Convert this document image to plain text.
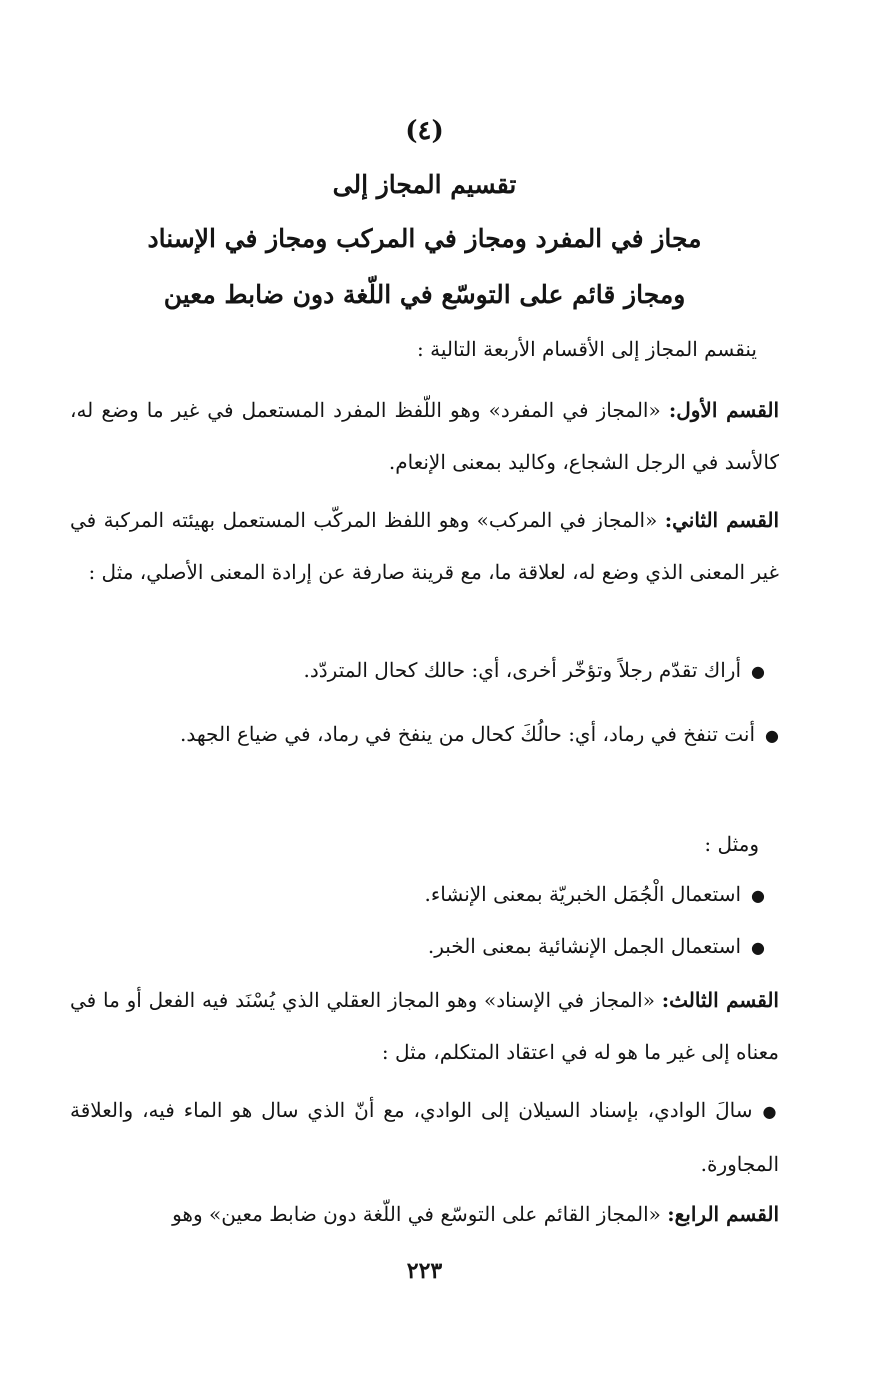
(٤)
تقسيم المجاز إلى
مجاز في المفرد ومجاز في المركب ومجاز في الإسناد
ومجاز قائم على التوسّع في اللّغة دون ضابط معين
ينقسم المجاز إلى الأقسام الأربعة التالية :
القسم الأول: «المجاز في المفرد» وهو اللّفظ المفرد المستعمل في غير ما وضع له، كالأسد في الرجل الشجاع، وكاليد بمعنى الإنعام.
القسم الثاني: «المجاز في المركب» وهو اللفظ المركّب المستعمل بهيئته المركبة في غير المعنى الذي وضع له، لعلاقة ما، مع قرينة صارفة عن إرادة المعنى الأصلي، مثل :
●أراك تقدّم رجلاً وتؤخّر أخرى، أي: حالك كحال المتردّد.
●أنت تنفخ في رماد، أي: حالُكَ كحال من ينفخ في رماد، في ضياع الجهد.
ومثل :
●استعمال الْجُمَل الخبريّة بمعنى الإنشاء.
●استعمال الجمل الإنشائية بمعنى الخبر.
القسم الثالث: «المجاز في الإسناد» وهو المجاز العقلي الذي يُسْنَد فيه الفعل أو ما في معناه إلى غير ما هو له في اعتقاد المتكلم، مثل :
●سالَ الوادي، بإسناد السيلان إلى الوادي، مع أنّ الذي سال هو الماء فيه، والعلاقة المجاورة.
القسم الرابع: «المجاز القائم على التوسّع في اللّغة دون ضابط معين» وهو
٢٢٣
